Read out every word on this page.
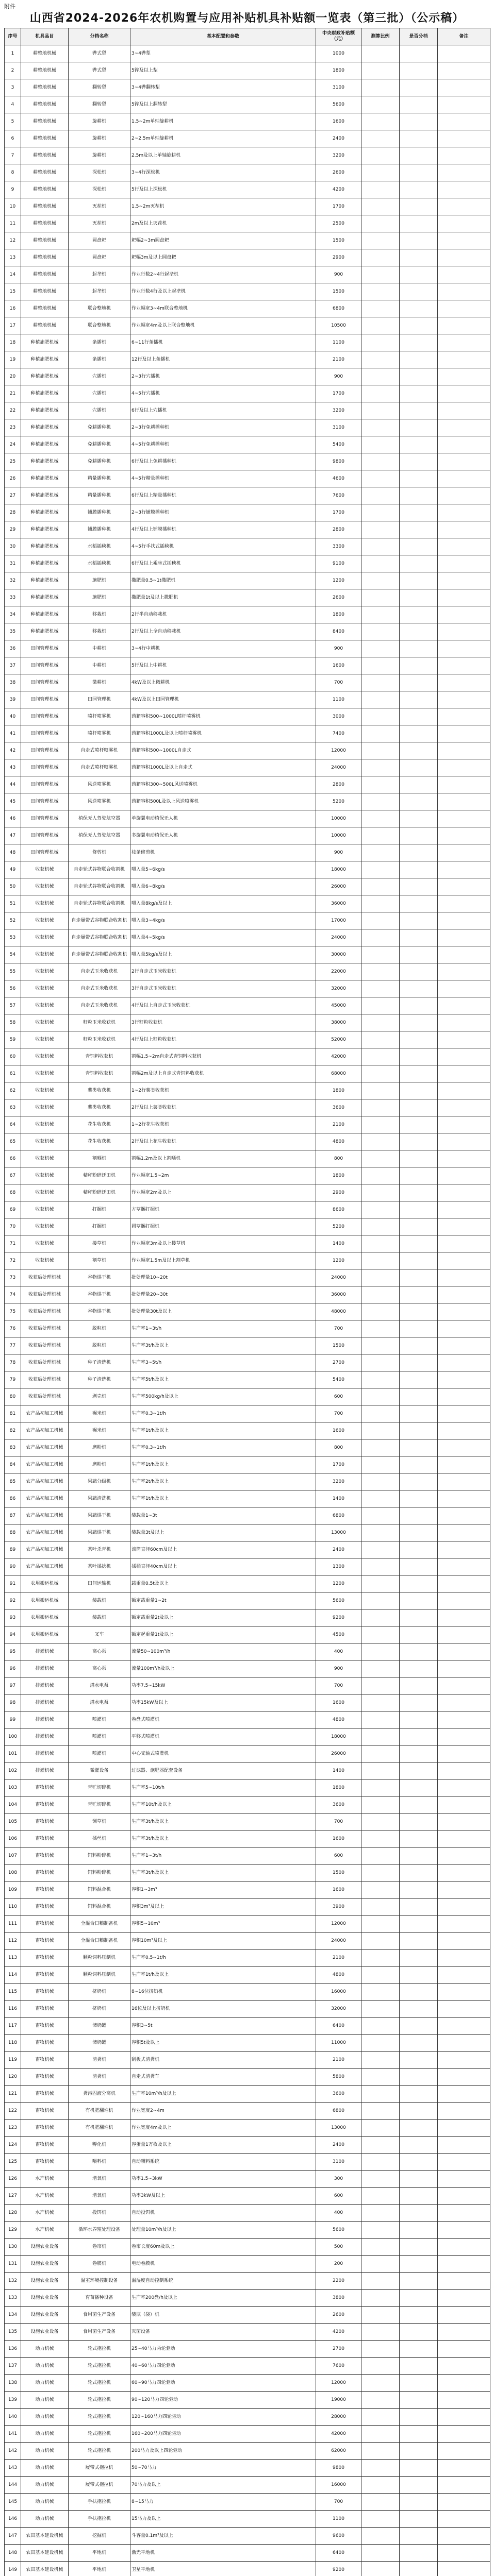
附件
山西省2024-2026年农机购置与应用补贴机具补贴额一览表（第三批）（公示稿）
序号	机具品目	分档名称	基本配置和参数	中央财政补贴额（元）	测算比例	是否分档	备注
1	耕整地机械	铧式犁	3~4铧犁	1000			
2	耕整地机械	铧式犁	5铧及以上犁	1800			
3	耕整地机械	翻转犁	3~4铧翻转犁	3100			
4	耕整地机械	翻转犁	5铧及以上翻转犁	5600			
5	耕整地机械	旋耕机	1.5~2m单轴旋耕机	1600			
6	耕整地机械	旋耕机	2~2.5m单轴旋耕机	2400			
7	耕整地机械	旋耕机	2.5m及以上单轴旋耕机	3200			
8	耕整地机械	深松机	3~4行深松机	2600			
9	耕整地机械	深松机	5行及以上深松机	4200			
10	耕整地机械	灭茬机	1.5~2m灭茬机	1700			
11	耕整地机械	灭茬机	2m及以上灭茬机	2500			
12	耕整地机械	圆盘耙	耙幅2~3m圆盘耙	1500			
13	耕整地机械	圆盘耙	耙幅3m及以上圆盘耙	2900			
14	耕整地机械	起垄机	作业行数2~4行起垄机	900			
15	耕整地机械	起垄机	作业行数4行及以上起垄机	1500			
16	耕整地机械	联合整地机	作业幅宽3~4m联合整地机	6800			
17	耕整地机械	联合整地机	作业幅宽4m及以上联合整地机	10500			
18	种植施肥机械	条播机	6~11行条播机	1100			
19	种植施肥机械	条播机	12行及以上条播机	2100			
20	种植施肥机械	穴播机	2~3行穴播机	900			
21	种植施肥机械	穴播机	4~5行穴播机	1700			
22	种植施肥机械	穴播机	6行及以上穴播机	3200			
23	种植施肥机械	免耕播种机	2~3行免耕播种机	3100			
24	种植施肥机械	免耕播种机	4~5行免耕播种机	5400			
25	种植施肥机械	免耕播种机	6行及以上免耕播种机	9800			
26	种植施肥机械	精量播种机	4~5行精量播种机	4600			
27	种植施肥机械	精量播种机	6行及以上精量播种机	7600			
28	种植施肥机械	铺膜播种机	2~3行铺膜播种机	1700			
29	种植施肥机械	铺膜播种机	4行及以上铺膜播种机	2800			
30	种植施肥机械	水稻插秧机	4~5行手扶式插秧机	3300			
31	种植施肥机械	水稻插秧机	6行及以上乘坐式插秧机	9100			
32	种植施肥机械	施肥机	撒肥量0.5~1t撒肥机	1200			
33	种植施肥机械	施肥机	撒肥量1t及以上撒肥机	2600			
34	种植施肥机械	移栽机	2行半自动移栽机	1800			
35	种植施肥机械	移栽机	2行及以上全自动移栽机	8400			
36	田间管理机械	中耕机	3~4行中耕机	900			
37	田间管理机械	中耕机	5行及以上中耕机	1600			
38	田间管理机械	微耕机	4kW及以上微耕机	700			
39	田间管理机械	田园管理机	4kW及以上田园管理机	1100			
40	田间管理机械	喷杆喷雾机	药箱容积500~1000L喷杆喷雾机	3000			
41	田间管理机械	喷杆喷雾机	药箱容积1000L及以上喷杆喷雾机	7400			
42	田间管理机械	自走式喷杆喷雾机	药箱容积500~1000L自走式	12000			
43	田间管理机械	自走式喷杆喷雾机	药箱容积1000L及以上自走式	24000			
44	田间管理机械	风送喷雾机	药箱容积300~500L风送喷雾机	2800			
45	田间管理机械	风送喷雾机	药箱容积500L及以上风送喷雾机	5200			
46	田间管理机械	植保无人驾驶航空器	单旋翼电动植保无人机	10000			
47	田间管理机械	植保无人驾驶航空器	多旋翼电动植保无人机	10000			
48	田间管理机械	修剪机	枝条修剪机	900			
49	收获机械	自走轮式谷物联合收割机	喂入量5~6kg/s	18000			
50	收获机械	自走轮式谷物联合收割机	喂入量6~8kg/s	26000			
51	收获机械	自走轮式谷物联合收割机	喂入量8kg/s及以上	36000			
52	收获机械	自走履带式谷物联合收割机	喂入量3~4kg/s	17000			
53	收获机械	自走履带式谷物联合收割机	喂入量4~5kg/s	24000			
54	收获机械	自走履带式谷物联合收割机	喂入量5kg/s及以上	30000			
55	收获机械	自走式玉米收获机	2行自走式玉米收获机	22000			
56	收获机械	自走式玉米收获机	3行自走式玉米收获机	32000			
57	收获机械	自走式玉米收获机	4行及以上自走式玉米收获机	45000			
58	收获机械	籽粒玉米收获机	3行籽粒收获机	38000			
59	收获机械	籽粒玉米收获机	4行及以上籽粒收获机	52000			
60	收获机械	青饲料收获机	割幅1.5~2m自走式青饲料收获机	42000			
61	收获机械	青饲料收获机	割幅2m及以上自走式青饲料收获机	68000			
62	收获机械	薯类收获机	1~2行薯类收获机	1800			
63	收获机械	薯类收获机	2行及以上薯类收获机	3600			
64	收获机械	花生收获机	1~2行花生收获机	2100			
65	收获机械	花生收获机	2行及以上花生收获机	4800			
66	收获机械	割晒机	割幅1.2m及以上割晒机	800			
67	收获机械	秸秆粉碎还田机	作业幅宽1.5~2m	1800			
68	收获机械	秸秆粉碎还田机	作业幅宽2m及以上	2900			
69	收获机械	打捆机	方草捆打捆机	8600			
70	收获机械	打捆机	圆草捆打捆机	5200			
71	收获机械	搂草机	作业幅宽3m及以上搂草机	1400			
72	收获机械	割草机	作业幅宽1.5m及以上割草机	1200			
73	收获后处理机械	谷物烘干机	批处理量10~20t	24000			
74	收获后处理机械	谷物烘干机	批处理量20~30t	36000			
75	收获后处理机械	谷物烘干机	批处理量30t及以上	48000			
76	收获后处理机械	脱粒机	生产率1~3t/h	700			
77	收获后处理机械	脱粒机	生产率3t/h及以上	1500			
78	收获后处理机械	种子清选机	生产率3~5t/h	2700			
79	收获后处理机械	种子清选机	生产率5t/h及以上	5400			
80	收获后处理机械	剥壳机	生产率500kg/h及以上	600			
81	农产品初加工机械	碾米机	生产率0.3~1t/h	700			
82	农产品初加工机械	碾米机	生产率1t/h及以上	1600			
83	农产品初加工机械	磨粉机	生产率0.3~1t/h	800			
84	农产品初加工机械	磨粉机	生产率1t/h及以上	1700			
85	农产品初加工机械	果蔬分级机	生产率2t/h及以上	3200			
86	农产品初加工机械	果蔬清洗机	生产率1t/h及以上	1400			
87	农产品初加工机械	果蔬烘干机	装载量1~3t	6800			
88	农产品初加工机械	果蔬烘干机	装载量3t及以上	13000			
89	农产品初加工机械	茶叶杀青机	滚筒直径60cm及以上	2400			
90	农产品初加工机械	茶叶揉捻机	揉桶直径40cm及以上	1300			
91	农用搬运机械	田间运输机	载重量0.5t及以上	1200			
92	农用搬运机械	装载机	额定载重量1~2t	5600			
93	农用搬运机械	装载机	额定载重量2t及以上	9200			
94	农用搬运机械	叉车	额定起重量1t及以上	4500			
95	排灌机械	离心泵	流量50~100m³/h	400			
96	排灌机械	离心泵	流量100m³/h及以上	900			
97	排灌机械	潜水电泵	功率7.5~15kW	700			
98	排灌机械	潜水电泵	功率15kW及以上	1600			
99	排灌机械	喷灌机	卷盘式喷灌机	4800			
100	排灌机械	喷灌机	平移式喷灌机	18000			
101	排灌机械	喷灌机	中心支轴式喷灌机	26000			
102	排灌机械	微灌设备	过滤器、施肥器配套设备	1400			
103	畜牧机械	青贮切碎机	生产率5~10t/h	1800			
104	畜牧机械	青贮切碎机	生产率10t/h及以上	3600			
105	畜牧机械	铡草机	生产率3t/h及以上	700			
106	畜牧机械	揉丝机	生产率3t/h及以上	1600			
107	畜牧机械	饲料粉碎机	生产率1~3t/h	600			
108	畜牧机械	饲料粉碎机	生产率3t/h及以上	1500			
109	畜牧机械	饲料混合机	容积1~3m³	1600			
110	畜牧机械	饲料混合机	容积3m³及以上	3900			
111	畜牧机械	全混合日粮制备机	容积5~10m³	12000			
112	畜牧机械	全混合日粮制备机	容积10m³及以上	24000			
113	畜牧机械	颗粒饲料压制机	生产率0.5~1t/h	2100			
114	畜牧机械	颗粒饲料压制机	生产率1t/h及以上	4800			
115	畜牧机械	挤奶机	8~16位挤奶机	16000			
116	畜牧机械	挤奶机	16位及以上挤奶机	32000			
117	畜牧机械	储奶罐	容积3~5t	6400			
118	畜牧机械	储奶罐	容积5t及以上	11000			
119	畜牧机械	清粪机	刮板式清粪机	2100			
120	畜牧机械	清粪机	自走式清粪车	5800			
121	畜牧机械	粪污固液分离机	生产率10m³/h及以上	3600			
122	畜牧机械	有机肥翻堆机	作业宽度2~4m	6800			
123	畜牧机械	有机肥翻堆机	作业宽度4m及以上	13000			
124	畜牧机械	孵化机	容蛋量1万枚及以上	2400			
125	畜牧机械	喂料机	自动喂料系统	3100			
126	水产机械	增氧机	功率1.5~3kW	300			
127	水产机械	增氧机	功率3kW及以上	600			
128	水产机械	投饵机	自动投饵机	400			
129	水产机械	循环水养殖处理设备	处理量10m³/h及以上	5600			
130	设施农业设备	卷帘机	卷帘长度60m及以上	500			
131	设施农业设备	卷膜机	电动卷膜机	200			
132	设施农业设备	温室环境控制设备	温湿度自动控制系统	2200			
133	设施农业设备	育苗播种设备	生产率200盘/h及以上	3800			
134	设施农业设备	食用菌生产设备	装瓶（袋）机	2600			
135	设施农业设备	食用菌生产设备	灭菌设备	4200			
136	动力机械	轮式拖拉机	25~40马力两轮驱动	2700			
137	动力机械	轮式拖拉机	40~60马力四轮驱动	7600			
138	动力机械	轮式拖拉机	60~90马力四轮驱动	12000			
139	动力机械	轮式拖拉机	90~120马力四轮驱动	19000			
140	动力机械	轮式拖拉机	120~160马力四轮驱动	28000			
141	动力机械	轮式拖拉机	160~200马力四轮驱动	42000			
142	动力机械	轮式拖拉机	200马力及以上四轮驱动	62000			
143	动力机械	履带式拖拉机	50~70马力	9800			
144	动力机械	履带式拖拉机	70马力及以上	16000			
145	动力机械	手扶拖拉机	8~15马力	700			
146	动力机械	手扶拖拉机	15马力及以上	1100			
147	农田基本建设机械	挖掘机	斗容量0.1m³及以上	9600			
148	农田基本建设机械	平地机	激光平地机	6400			
149	农田基本建设机械	平地机	卫星平地机	9200			
